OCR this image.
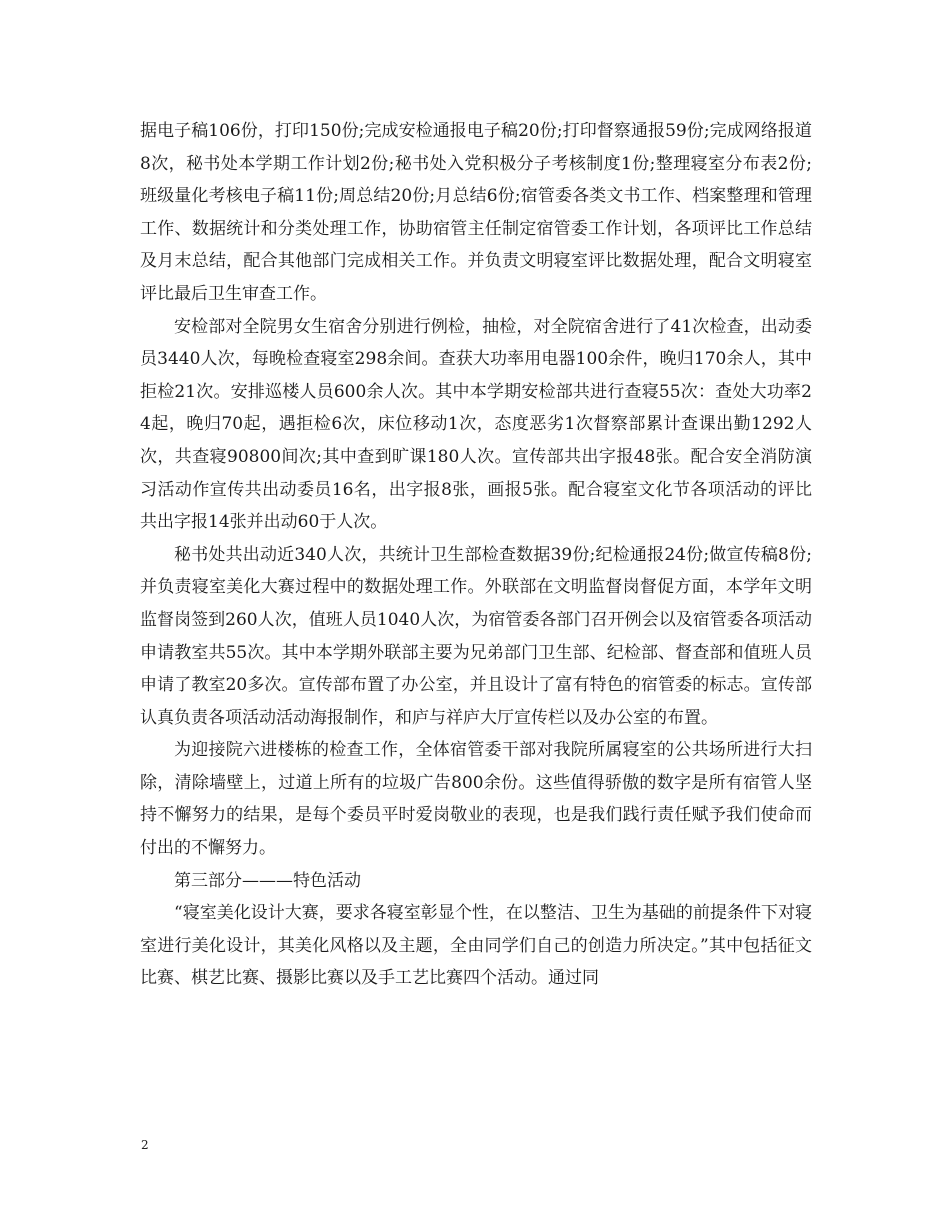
据电子稿106份，打印150份;完成安检通报电子稿20份;打印督察通报59份;完成网络报道8次，秘书处本学期工作计划2份;秘书处入党积极分子考核制度1份;整理寝室分布表2份;班级量化考核电子稿11份;周总结20份;月总结6份;宿管委各类文书工作、档案整理和管理工作、数据统计和分类处理工作，协助宿管主任制定宿管委工作计划，各项评比工作总结及月末总结，配合其他部门完成相关工作。并负责文明寝室评比数据处理，配合文明寝室评比最后卫生审查工作。

安检部对全院男女生宿舍分别进行例检，抽检，对全院宿舍进行了41次检查，出动委员3440人次，每晚检查寝室298余间。查获大功率用电器100余件，晚归170余人，其中拒检21次。安排巡楼人员600余人次。其中本学期安检部共进行查寝55次：查处大功率24起，晚归70起，遇拒检6次，床位移动1次，态度恶劣1次督察部累计查课出勤1292人次，共查寝90800间次;其中查到旷课180人次。宣传部共出字报48张。配合安全消防演习活动作宣传共出动委员16名，出字报8张，画报5张。配合寝室文化节各项活动的评比共出字报14张并出动60于人次。

秘书处共出动近340人次，共统计卫生部检查数据39份;纪检通报24份;做宣传稿8份;并负责寝室美化大赛过程中的数据处理工作。外联部在文明监督岗督促方面，本学年文明监督岗签到260人次，值班人员1040人次，为宿管委各部门召开例会以及宿管委各项活动申请教室共55次。其中本学期外联部主要为兄弟部门卫生部、纪检部、督查部和值班人员申请了教室20多次。宣传部布置了办公室，并且设计了富有特色的宿管委的标志。宣传部认真负责各项活动活动海报制作，和庐与祥庐大厅宣传栏以及办公室的布置。

为迎接院六进楼栋的检查工作，全体宿管委干部对我院所属寝室的公共场所进行大扫除，清除墙壁上，过道上所有的垃圾广告800余份。这些值得骄傲的数字是所有宿管人坚持不懈努力的结果，是每个委员平时爱岗敬业的表现，也是我们践行责任赋予我们使命而付出的不懈努力。

第三部分———特色活动

“寝室美化设计大赛，要求各寝室彰显个性，在以整洁、卫生为基础的前提条件下对寝室进行美化设计，其美化风格以及主题，全由同学们自己的创造力所决定。”其中包括征文比赛、棋艺比赛、摄影比赛以及手工艺比赛四个活动。通过同

2
